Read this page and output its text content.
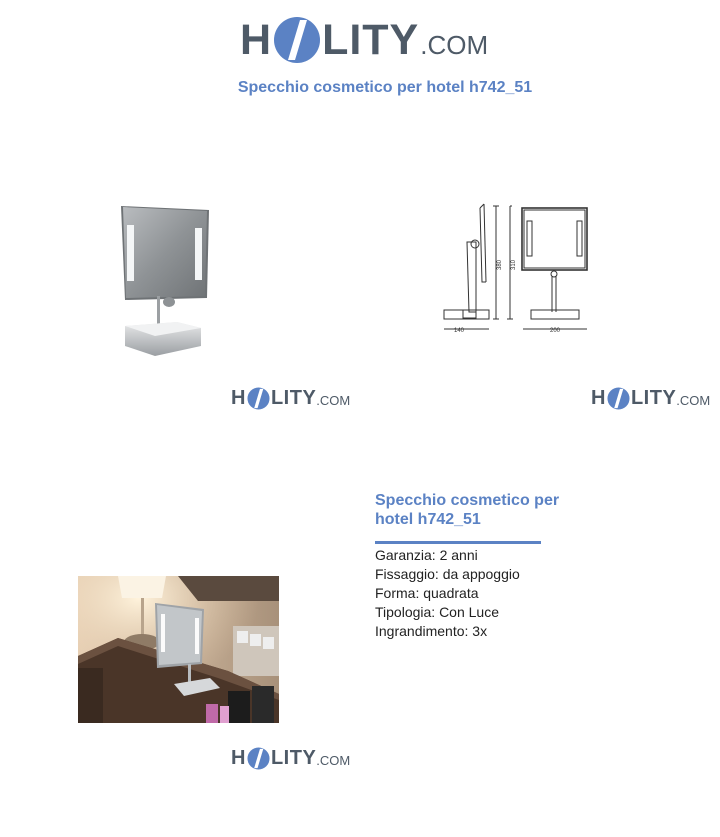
H LITY .COM
Specchio cosmetico per hotel h742_51
H LITY .COM
140	200
380 310
H LITY .COM
H LITY .COM
Specchio cosmetico per hotel h742_51
Garanzia: 2 anni
Fissaggio: da appoggio
Forma: quadrata
Tipologia: Con Luce
Ingrandimento: 3x
